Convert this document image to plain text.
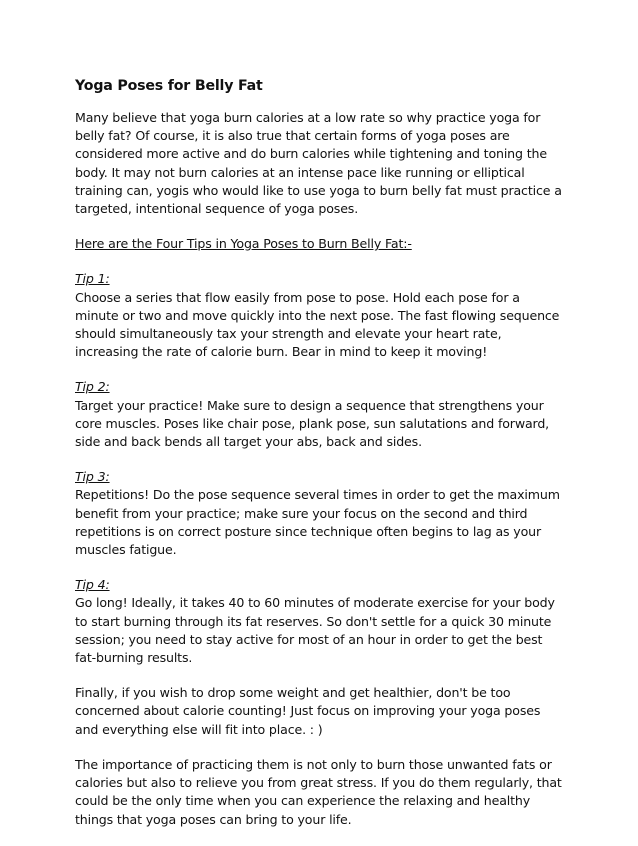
Yoga Poses for Belly Fat

Many believe that yoga burn calories at a low rate so why practice yoga for belly fat? Of course, it is also true that certain forms of yoga poses are considered more active and do burn calories while tightening and toning the body. It may not burn calories at an intense pace like running or elliptical training can, yogis who would like to use yoga to burn belly fat must practice a targeted, intentional sequence of yoga poses.

Here are the Four Tips in Yoga Poses to Burn Belly Fat:-

Tip 1:
Choose a series that flow easily from pose to pose. Hold each pose for a minute or two and move quickly into the next pose. The fast flowing sequence should simultaneously tax your strength and elevate your heart rate, increasing the rate of calorie burn. Bear in mind to keep it moving!
Tip 2:
Target your practice! Make sure to design a sequence that strengthens your core muscles. Poses like chair pose, plank pose, sun salutations and forward, side and back bends all target your abs, back and sides.
Tip 3:
Repetitions! Do the pose sequence several times in order to get the maximum benefit from your practice; make sure your focus on the second and third repetitions is on correct posture since technique often begins to lag as your muscles fatigue.
Tip 4:
Go long! Ideally, it takes 40 to 60 minutes of moderate exercise for your body to start burning through its fat reserves. So don't settle for a quick 30 minute session; you need to stay active for most of an hour in order to get the best fat-burning results.

Finally, if you wish to drop some weight and get healthier, don't be too concerned about calorie counting! Just focus on improving your yoga poses and everything else will fit into place. : )

The importance of practicing them is not only to burn those unwanted fats or calories but also to relieve you from great stress. If you do them regularly, that could be the only time when you can experience the relaxing and healthy things that yoga poses can bring to your life.
